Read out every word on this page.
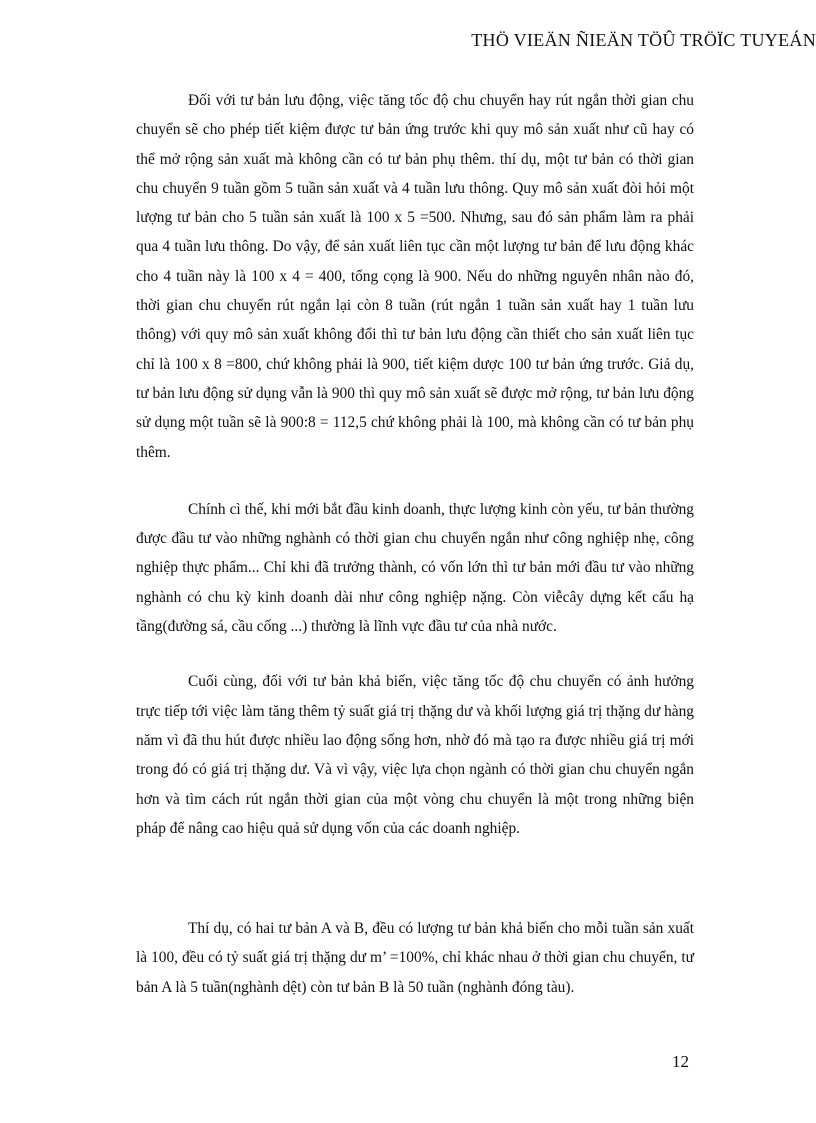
THÖ VIEÄN ÑIEÄN TÖÛ TRÖÏC TUYEÁN

Đối với tư bản lưu động, việc tăng tốc độ chu chuyển hay rút ngắn thời gian chu chuyển sẽ cho phép tiết kiệm được tư bản ứng trước khi quy mô sản xuất như cũ hay có thể mở rộng sản xuất mà không cần có tư bản phụ thêm. thí dụ, một tư bản có thời gian chu chuyển 9 tuần gồm 5 tuần sản xuất và 4 tuần lưu thông. Quy mô sản xuất đòi hỏi một lượng tư bản cho 5 tuần sản xuất là 100 x 5 =500. Nhưng, sau đó sản phẩm làm ra phải qua 4 tuần lưu thông. Do vậy, để sản xuất liên tục cần một lượng tư bản để lưu động khác cho 4 tuần này là 100 x 4 = 400, tổng cọng là 900. Nếu do những nguyên nhân nào đó, thời gian chu chuyển rút ngắn lại còn 8 tuần (rút ngắn 1 tuần sản xuất hay 1 tuần lưu thông) với quy mô sản xuất không đổi thì tư bản lưu động cần thiết cho sản xuất liên tục chỉ là 100 x 8 =800, chứ không phải là 900, tiết kiệm dược 100 tư bản ứng trước. Giả dụ, tư bản lưu động sử dụng vẫn là 900 thì quy mô sản xuất sẽ được mở rộng, tư bản lưu động sử dụng một tuần sẽ là 900:8 = 112,5 chứ không phải là 100, mà không cần có tư bản phụ thêm.

Chính cì thế, khi mới bắt đầu kinh doanh, thực lượng kinh còn yếu, tư bản thường được đầu tư vào những nghành có thời gian chu chuyển ngắn như công nghiệp nhẹ, công nghiệp thực phẩm... Chỉ khi đã trưởng thành, có vốn lớn thì tư bản mới đầu tư vào những nghành có chu kỳ kinh doanh dài như công nghiệp nặng. Còn viễcây dựng kết cấu hạ tầng(đường sá, cầu cống ...) thường là lĩnh vực đầu tư của nhà nước.

Cuối cùng, đối với tư bản khả biến, việc tăng tốc độ chu chuyển có ảnh hưởng trực tiếp tới việc làm tăng thêm tỷ suất giá trị thặng dư và khối lượng giá trị thặng dư hàng năm vì đã thu hút được nhiều lao động sống hơn, nhờ đó mà tạo ra được nhiều giá trị mới trong đó có giá trị thặng dư. Và vì vậy, việc lựa chọn ngành có thời gian chu chuyển ngắn hơn và tìm cách rút ngắn thời gian của một vòng chu chuyển là một trong những biện pháp để nâng cao hiệu quả sử dụng vốn của các doanh nghiệp.

Thí dụ, có hai tư bản A và B, đều có lượng tư bản khả biến cho mỗi tuần sản xuất là 100, đều có tỷ suất giá trị thặng dư m’ =100%, chỉ khác nhau ở thời gian chu chuyển, tư bản A là 5 tuần(nghành dệt) còn tư bản B là 50 tuần (nghành đóng tàu).

12
